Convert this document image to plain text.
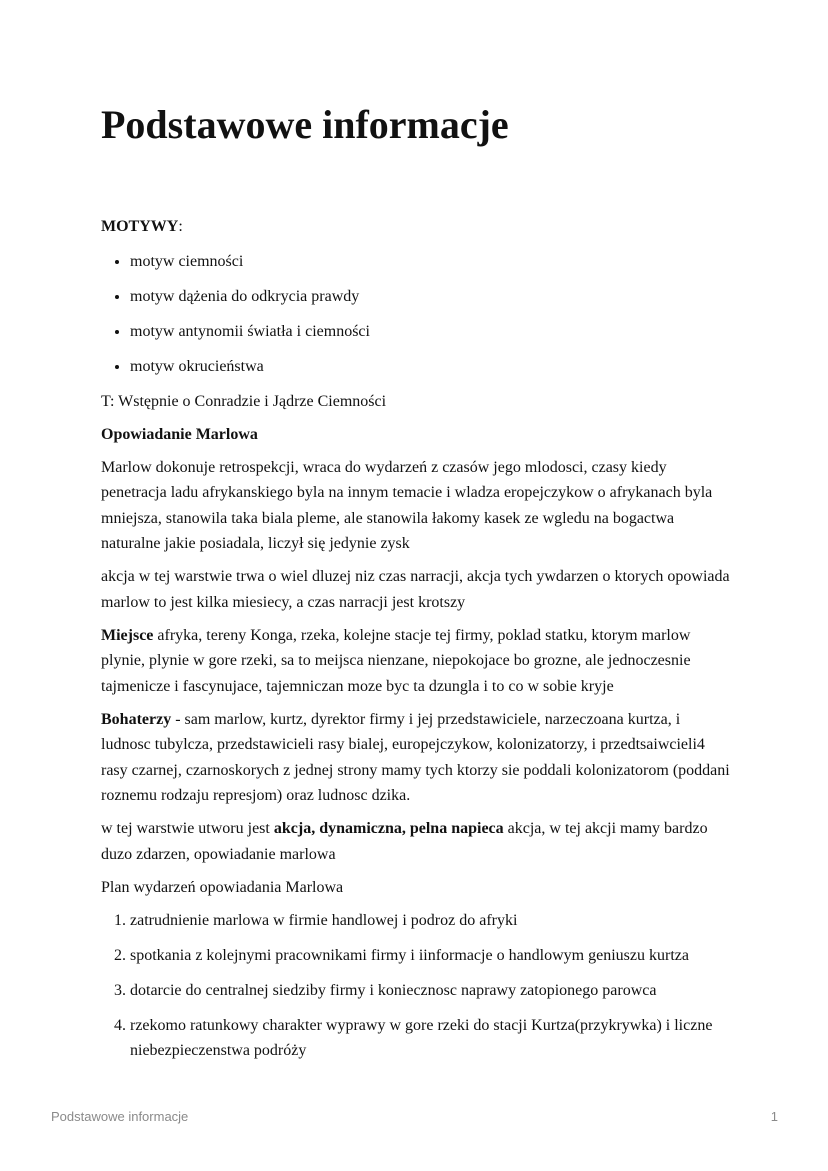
Podstawowe informacje

MOTYWY:

• motyw ciemności
• motyw dążenia do odkrycia prawdy
• motyw antynomii światła i ciemności
• motyw okrucieństwa

T: Wstępnie o Conradzie i Jądrze Ciemności

Opowiadanie Marlowa

Marlow dokonuje retrospekcji, wraca do wydarzeń z czasów jego mlodosci, czasy kiedy penetracja ladu afrykanskiego byla na innym temacie i wladza eropejczykow o afrykanach byla mniejsza, stanowila taka biala pleme, ale stanowila łakomy kasek ze wgledu na bogactwa naturalne jakie posiadala, liczył się jedynie zysk

akcja w tej warstwie trwa o wiel dluzej niz czas narracji, akcja tych ywdarzen o ktorych opowiada marlow to jest kilka miesiecy, a czas narracji jest krotszy

Miejsce afryka, tereny Konga, rzeka, kolejne stacje tej firmy, poklad statku, ktorym marlow plynie, plynie w gore rzeki, sa to meijsca nienzane, niepokojace bo grozne, ale jednoczesnie tajmenicze i fascynujace, tajemniczan moze byc ta dzungla i to co w sobie kryje

Bohaterzy - sam marlow, kurtz, dyrektor firmy i jej przedstawiciele, narzeczoana kurtza, i ludnosc tubylcza, przedstawicieli rasy bialej, europejczykow, kolonizatorzy, i przedtsaiwcieli4 rasy czarnej, czarnoskorych z jednej strony mamy tych ktorzy sie poddali kolonizatorom (poddani roznemu rodzaju represjom) oraz ludnosc dzika.

w tej warstwie utworu jest akcja, dynamiczna, pelna napieca akcja, w tej akcji mamy bardzo duzo zdarzen, opowiadanie marlowa

Plan wydarzeń opowiadania Marlowa

1. zatrudnienie marlowa w firmie handlowej i podroz do afryki
2. spotkania z kolejnymi pracownikami firmy i iinformacje o handlowym geniuszu kurtza
3. dotarcie do centralnej siedziby firmy i koniecznosc naprawy zatopionego parowca
4. rzekomo ratunkowy charakter wyprawy w gore rzeki do stacji Kurtza(przykrywka) i liczne niebezpieczenstwa podróży
Podstawowe informacje	1
